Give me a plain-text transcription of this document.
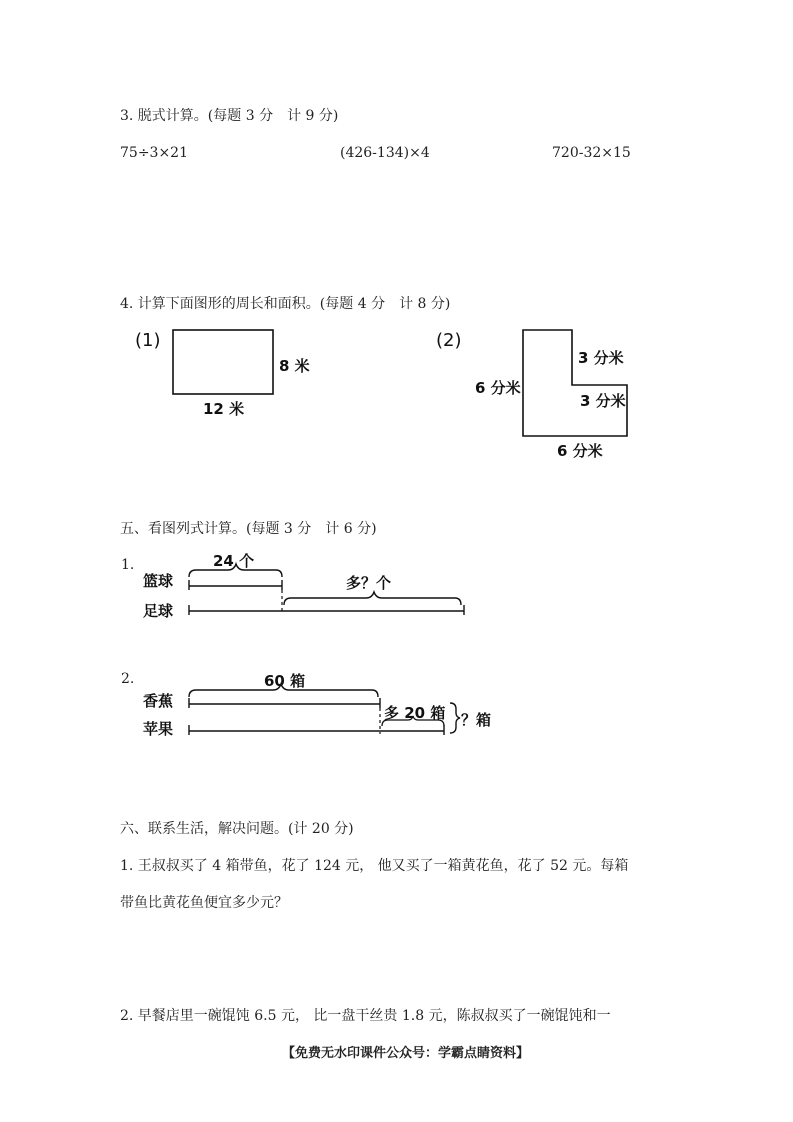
3. 脱式计算。(每题 3 分　计 9 分)
75÷3×21	(426-134)×4	720-32×15
4. 计算下面图形的周长和面积。(每题 4 分　计 8 分)
(1)
8 米
12 米
(2)
6 分米
3 分米
3 分米
6 分米
五、看图列式计算。(每题 3 分　计 6 分)
1.
篮球
足球
24 个
多？个
2.
香蕉
苹果
60 箱
多 20 箱 ？箱
六、联系生活，解决问题。(计 20 分)
1. 王叔叔买了 4 箱带鱼，花了 124 元， 他又买了一箱黄花鱼，花了 52 元。每箱
带鱼比黄花鱼便宜多少元？
2. 早餐店里一碗馄饨 6.5 元， 比一盘干丝贵 1.8 元，陈叔叔买了一碗馄饨和一
【免费无水印课件公众号：学霸点睛资料】
